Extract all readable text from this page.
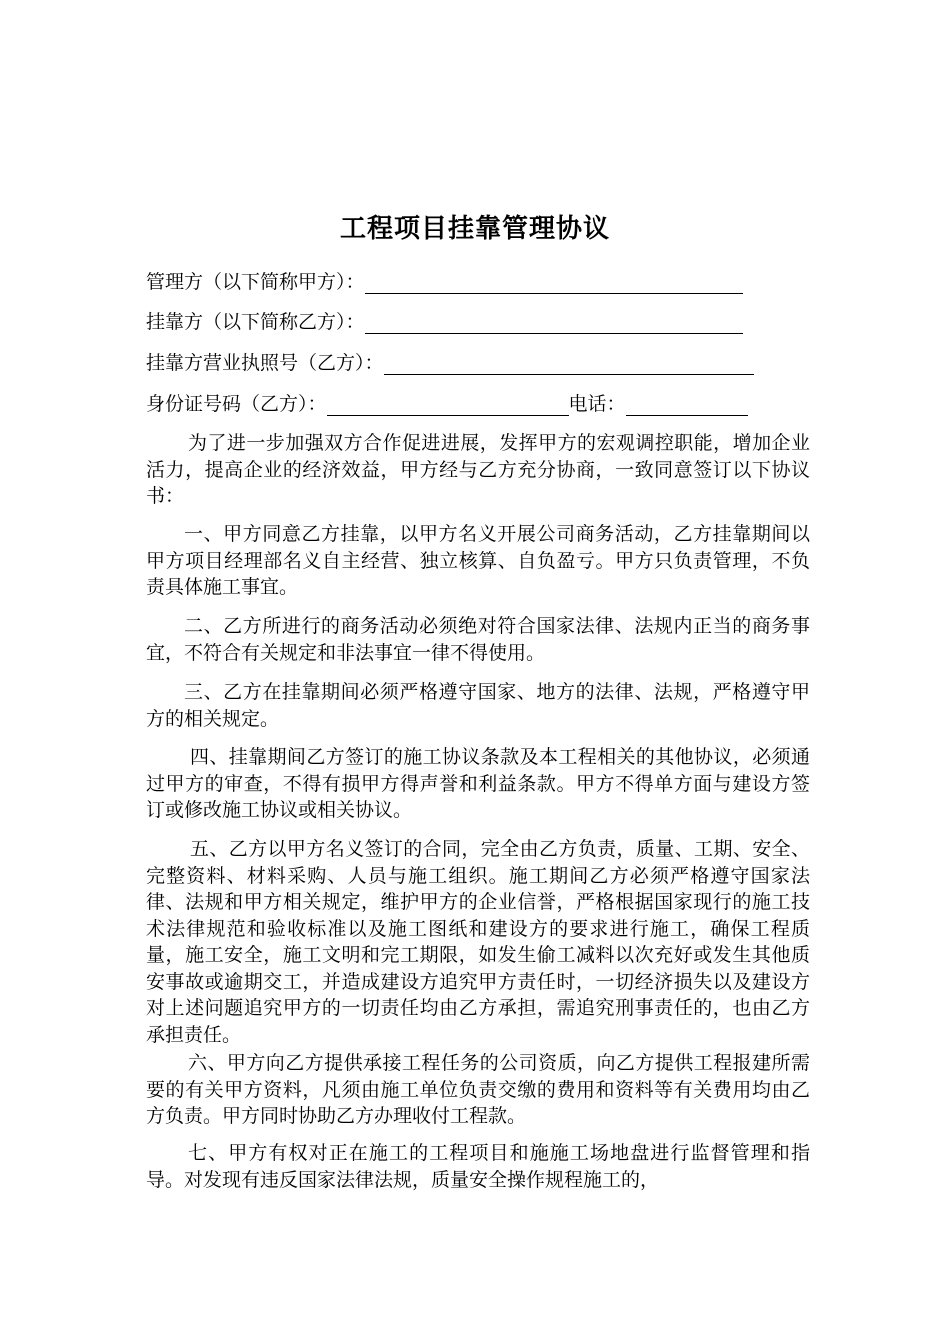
工程项目挂靠管理协议
管理方（以下简称甲方）：
挂靠方（以下简称乙方）：
挂靠方营业执照号（乙方）：
身份证号码（乙方）：	电话：

为了进一步加强双方合作促进进展，发挥甲方的宏观调控职能，增加企业活力，提高企业的经济效益，甲方经与乙方充分协商，一致同意签订以下协议书：

一、甲方同意乙方挂靠，以甲方名义开展公司商务活动，乙方挂靠期间以甲方项目经理部名义自主经营、独立核算、自负盈亏。甲方只负责管理，不负责具体施工事宜。

二、乙方所进行的商务活动必须绝对符合国家法律、法规内正当的商务事宜，不符合有关规定和非法事宜一律不得使用。

三、乙方在挂靠期间必须严格遵守国家、地方的法律、法规，严格遵守甲方的相关规定。

四、挂靠期间乙方签订的施工协议条款及本工程相关的其他协议，必须通过甲方的审查，不得有损甲方得声誉和利益条款。甲方不得单方面与建设方签订或修改施工协议或相关协议。

五、乙方以甲方名义签订的合同，完全由乙方负责，质量、工期、安全、完整资料、材料采购、人员与施工组织。施工期间乙方必须严格遵守国家法律、法规和甲方相关规定，维护甲方的企业信誉，严格根据国家现行的施工技术法律规范和验收标准以及施工图纸和建设方的要求进行施工，确保工程质量，施工安全，施工文明和完工期限，如发生偷工减料以次充好或发生其他质安事故或逾期交工，并造成建设方追究甲方责任时，一切经济损失以及建设方对上述问题追究甲方的一切责任均由乙方承担，需追究刑事责任的，也由乙方承担责任。

六、甲方向乙方提供承接工程任务的公司资质，向乙方提供工程报建所需要的有关甲方资料，凡须由施工单位负责交缴的费用和资料等有关费用均由乙方负责。甲方同时协助乙方办理收付工程款。

七、甲方有权对正在施工的工程项目和施施工场地盘进行监督管理和指导。对发现有违反国家法律法规，质量安全操作规程施工的，
